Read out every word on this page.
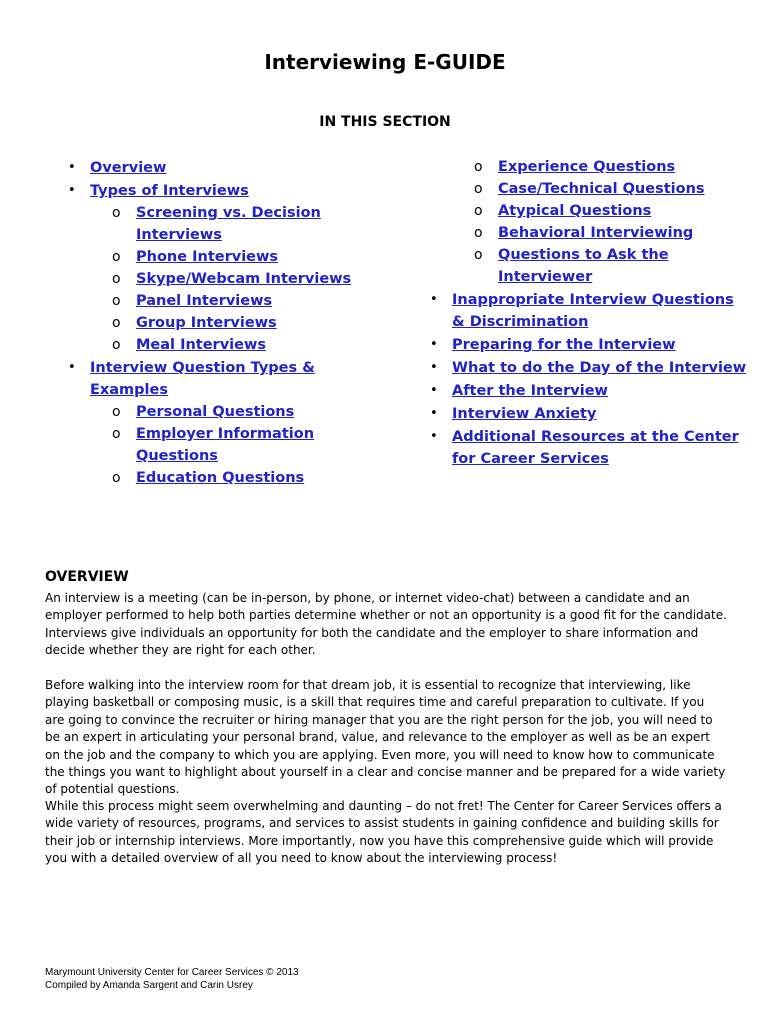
Interviewing E-GUIDE
IN THIS SECTION
• Overview
• Types of Interviews
o Screening vs. Decision Interviews
o Phone Interviews
o Skype/Webcam Interviews
o Panel Interviews
o Group Interviews
o Meal Interviews
• Interview Question Types & Examples
o Personal Questions
o Employer Information Questions
o Education Questions
o Experience Questions
o Case/Technical Questions
o Atypical Questions
o Behavioral Interviewing
o Questions to Ask the Interviewer
• Inappropriate Interview Questions & Discrimination
• Preparing for the Interview
• What to do the Day of the Interview
• After the Interview
• Interview Anxiety
• Additional Resources at the Center for Career Services
OVERVIEW
An interview is a meeting (can be in-person, by phone, or internet video-chat) between a candidate and an employer performed to help both parties determine whether or not an opportunity is a good fit for the candidate. Interviews give individuals an opportunity for both the candidate and the employer to share information and decide whether they are right for each other.
Before walking into the interview room for that dream job, it is essential to recognize that interviewing, like playing basketball or composing music, is a skill that requires time and careful preparation to cultivate. If you are going to convince the recruiter or hiring manager that you are the right person for the job, you will need to be an expert in articulating your personal brand, value, and relevance to the employer as well as be an expert on the job and the company to which you are applying. Even more, you will need to know how to communicate the things you want to highlight about yourself in a clear and concise manner and be prepared for a wide variety of potential questions.
While this process might seem overwhelming and daunting – do not fret! The Center for Career Services offers a wide variety of resources, programs, and services to assist students in gaining confidence and building skills for their job or internship interviews. More importantly, now you have this comprehensive guide which will provide you with a detailed overview of all you need to know about the interviewing process!
Marymount University Center for Career Services © 2013
Compiled by Amanda Sargent and Carin Usrey
